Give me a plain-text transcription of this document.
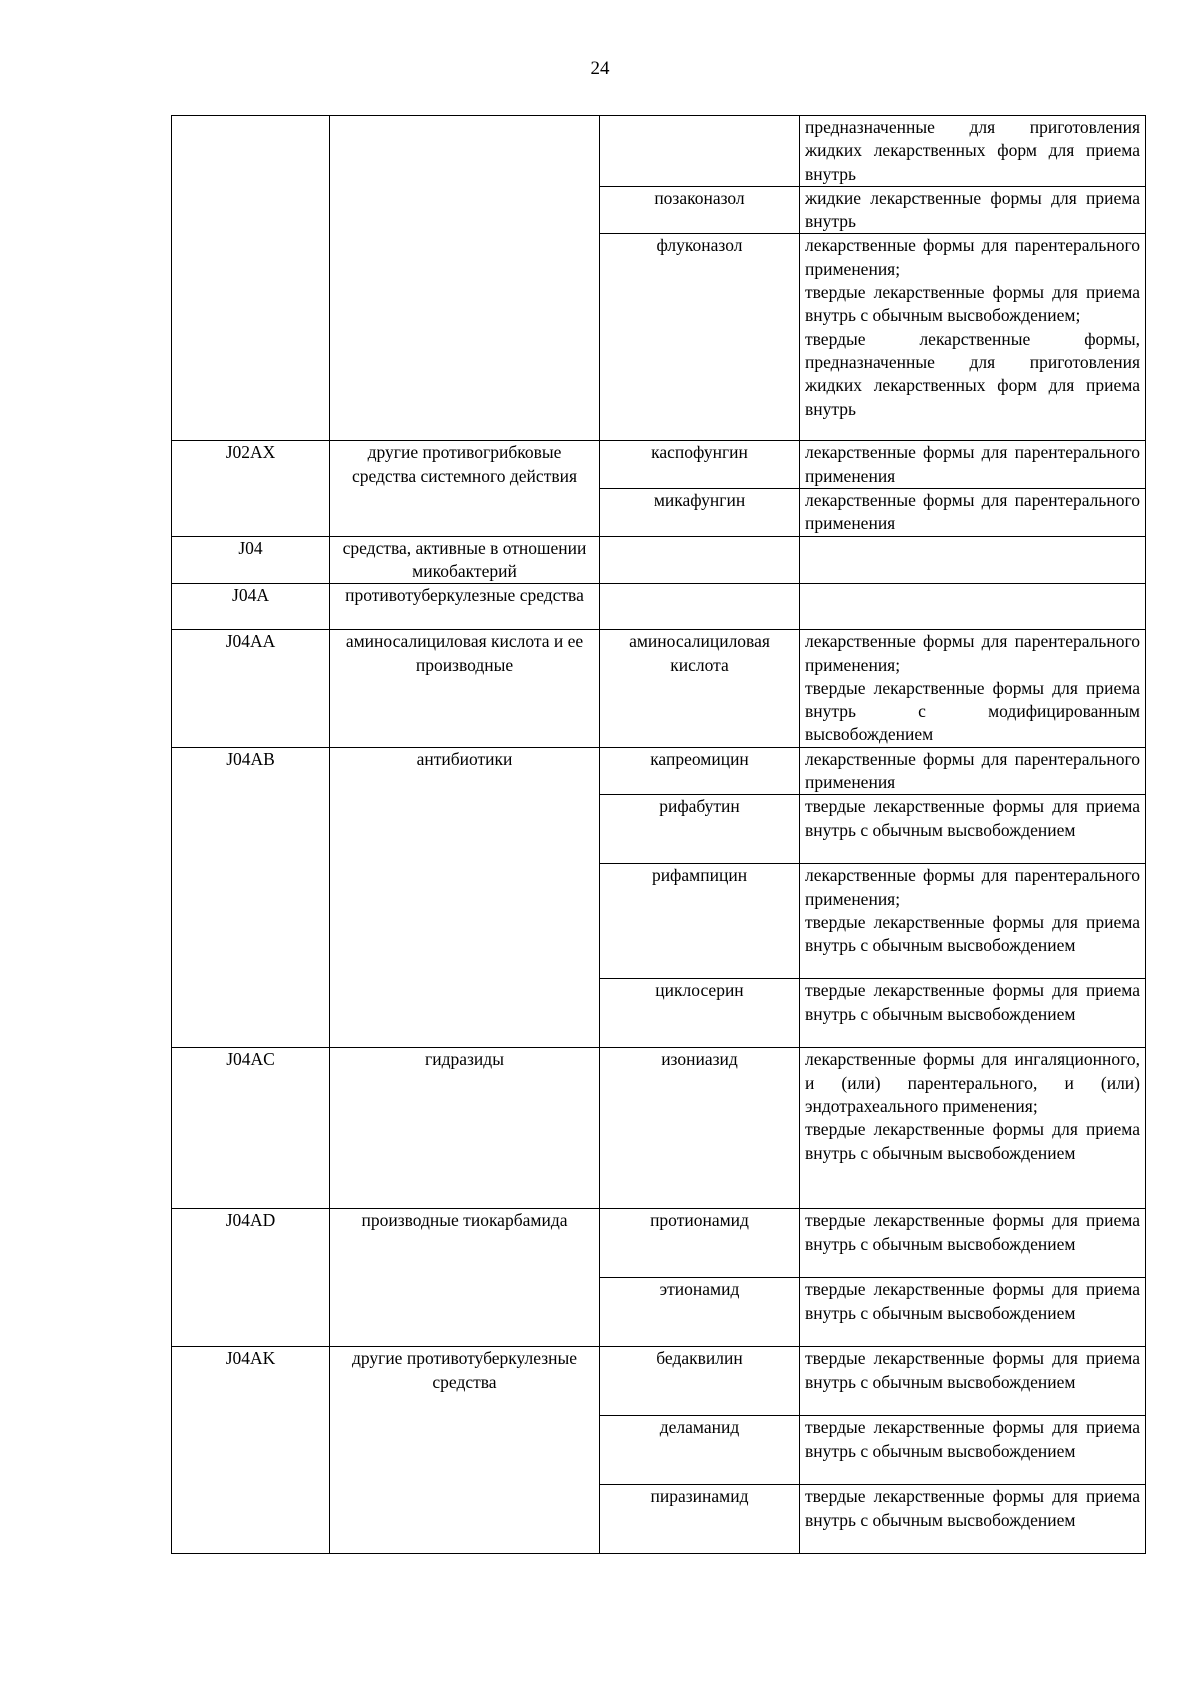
24

			предназначенные для приготовления жидких лекарственных форм для приема внутрь

		позаконазол	жидкие лекарственные формы для приема внутрь

		флуконазол	лекарственные формы для парентерального применения;
твердые лекарственные формы для приема внутрь с обычным высвобождением;
твердые лекарственные формы, предназначенные для приготовления жидких лекарственных форм для приема внутрь

J02AX	другие противогрибковые средства системного действия	каспофунгин	лекарственные формы для парентерального применения

		микафунгин	лекарственные формы для парентерального применения

J04	средства, активные в отношении микобактерий		
J04A	противотуберкулезные средства		
J04AA	аминосалициловая кислота и ее производные	аминосалициловая кислота	лекарственные формы для парентерального применения;
твердые лекарственные формы для приема внутрь с модифицированным высвобождением

J04AB	антибиотики	капреомицин	лекарственные формы для парентерального применения

		рифабутин	твердые лекарственные формы для приема внутрь с обычным высвобождением

		рифампицин	лекарственные формы для парентерального применения;
твердые лекарственные формы для приема внутрь с обычным высвобождением

		циклосерин	твердые лекарственные формы для приема внутрь с обычным высвобождением

J04AC	гидразиды	изониазид	лекарственные формы для ингаляционного, и (или) парентерального, и (или) эндотрахеального применения;
твердые лекарственные формы для приема внутрь с обычным высвобождением

J04AD	производные тиокарбамида	протионамид	твердые лекарственные формы для приема внутрь с обычным высвобождением

		этионамид	твердые лекарственные формы для приема внутрь с обычным высвобождением

J04AK	другие противотуберкулезные средства	бедаквилин	твердые лекарственные формы для приема внутрь с обычным высвобождением

		деламанид	твердые лекарственные формы для приема внутрь с обычным высвобождением

		пиразинамид	твердые лекарственные формы для приема внутрь с обычным высвобождением
